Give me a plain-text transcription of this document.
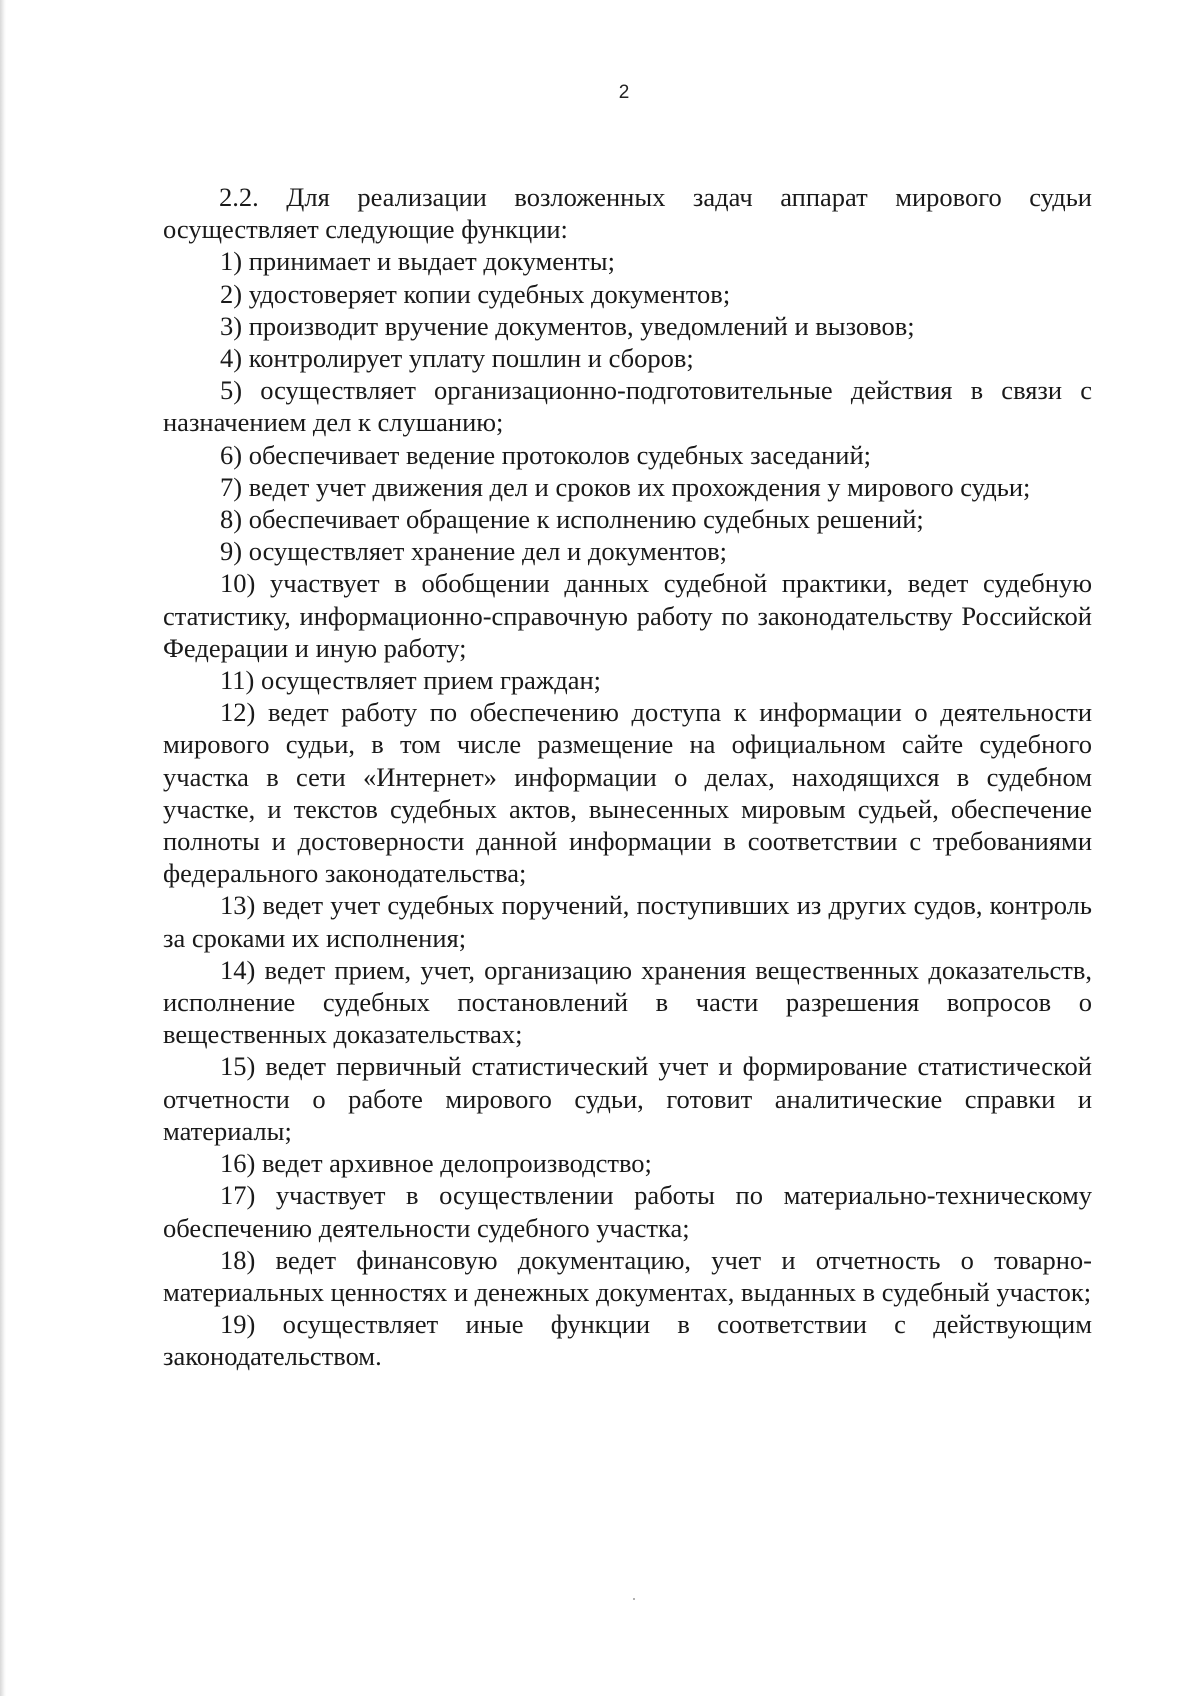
2

2.2. Для реализации возложенных задач аппарат мирового судьи осуществляет следующие функции:

1) принимает и выдает документы;

2) удостоверяет копии судебных документов;

3) производит вручение документов, уведомлений и вызовов;

4) контролирует уплату пошлин и сборов;

5) осуществляет организационно-подготовительные действия в связи с назначением дел к слушанию;

6) обеспечивает ведение протоколов судебных заседаний;

7) ведет учет движения дел и сроков их прохождения у мирового судьи;

8) обеспечивает обращение к исполнению судебных решений;

9) осуществляет хранение дел и документов;

10) участвует в обобщении данных судебной практики, ведет судебную статистику, информационно-справочную работу по законодательству Российской Федерации и иную работу;

11) осуществляет прием граждан;

12) ведет работу по обеспечению доступа к информации о деятельности мирового судьи, в том числе размещение на официальном сайте судебного участка в сети «Интернет» информации о делах, находящихся в судебном участке, и текстов судебных актов, вынесенных мировым судьей, обеспечение полноты и достоверности данной информации в соответствии с требованиями федерального законодательства;

13) ведет учет судебных поручений, поступивших из других судов, контроль за сроками их исполнения;

14) ведет прием, учет, организацию хранения вещественных доказательств, исполнение судебных постановлений в части разрешения вопросов о вещественных доказательствах;

15) ведет первичный статистический учет и формирование статистической отчетности о работе мирового судьи, готовит аналитические справки и материалы;

16) ведет архивное делопроизводство;

17) участвует в осуществлении работы по материально-техническому обеспечению деятельности судебного участка;

18) ведет финансовую документацию, учет и отчетность о товарно-материальных ценностях и денежных документах, выданных в судебный участок;

19) осуществляет иные функции в соответствии с действующим законодательством.
